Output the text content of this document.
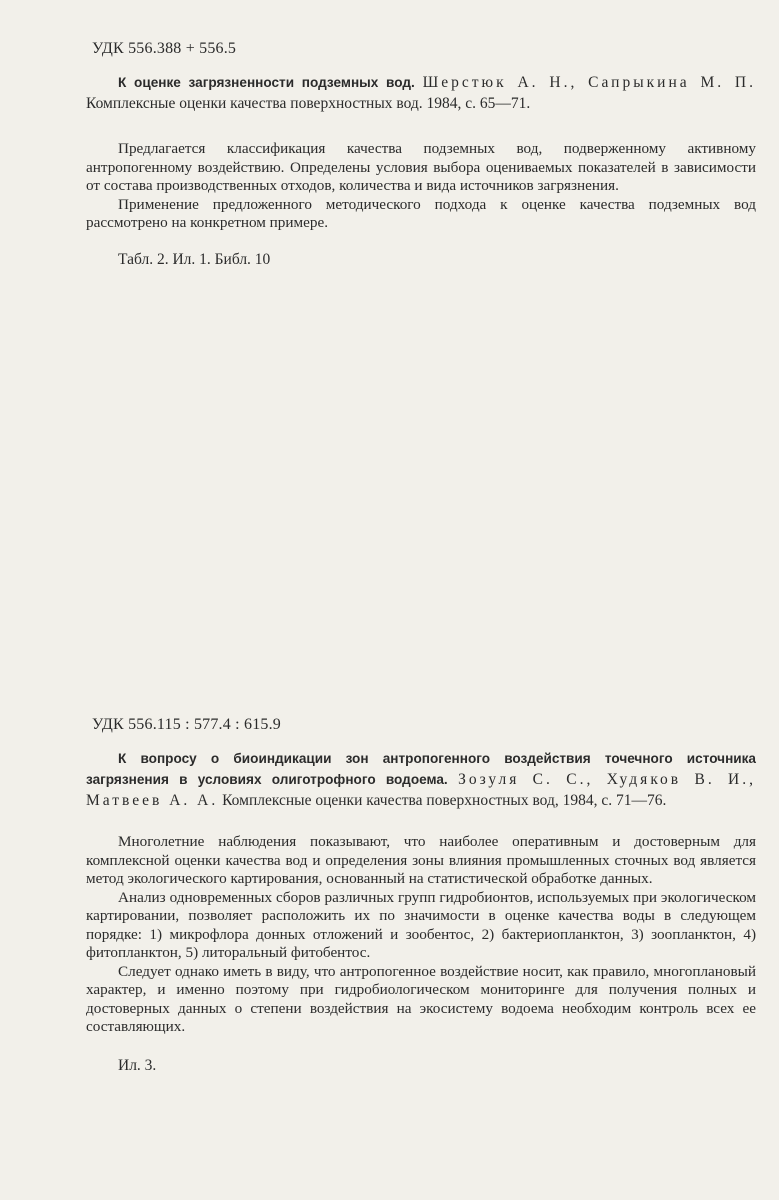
УДК 556.388 + 556.5
К оценке загрязненности подземных вод. Шерстюк А. Н., Сапрыкина М. П. Комплексные оценки качества поверхностных вод. 1984, с. 65—71.

Предлагается классификация качества подземных вод, подверженному активному антропогенному воздействию. Определены условия выбора оцениваемых показателей в зависимости от состава производственных отходов, количества и вида источников загрязнения.

Применение предложенного методического подхода к оценке качества подземных вод рассмотрено на конкретном примере.

Табл. 2. Ил. 1. Библ. 10
УДК 556.115 : 577.4 : 615.9
К вопросу о биоиндикации зон антропогенного воздействия точечного источника загрязнения в условиях олиготрофного водоема. Зозуля С. С., Худяков В. И., Матвеев А. А. Комплексные оценки качества поверхностных вод, 1984, с. 71—76.

Многолетние наблюдения показывают, что наиболее оперативным и достоверным для комплексной оценки качества вод и определения зоны влияния промышленных сточных вод является метод экологического картирования, основанный на статистической обработке данных.

Анализ одновременных сборов различных групп гидробионтов, используемых при экологическом картировании, позволяет расположить их по значимости в оценке качества воды в следующем порядке: 1) микрофлора донных отложений и зообентос, 2) бактериопланктон, 3) зоопланктон, 4) фитопланктон, 5) литоральный фитобентос.

Следует однако иметь в виду, что антропогенное воздействие носит, как правило, многоплановый характер, и именно поэтому при гидробиологическом мониторинге для получения полных и достоверных данных о степени воздействия на экосистему водоема необходим контроль всех ее составляющих.

Ил. 3.
